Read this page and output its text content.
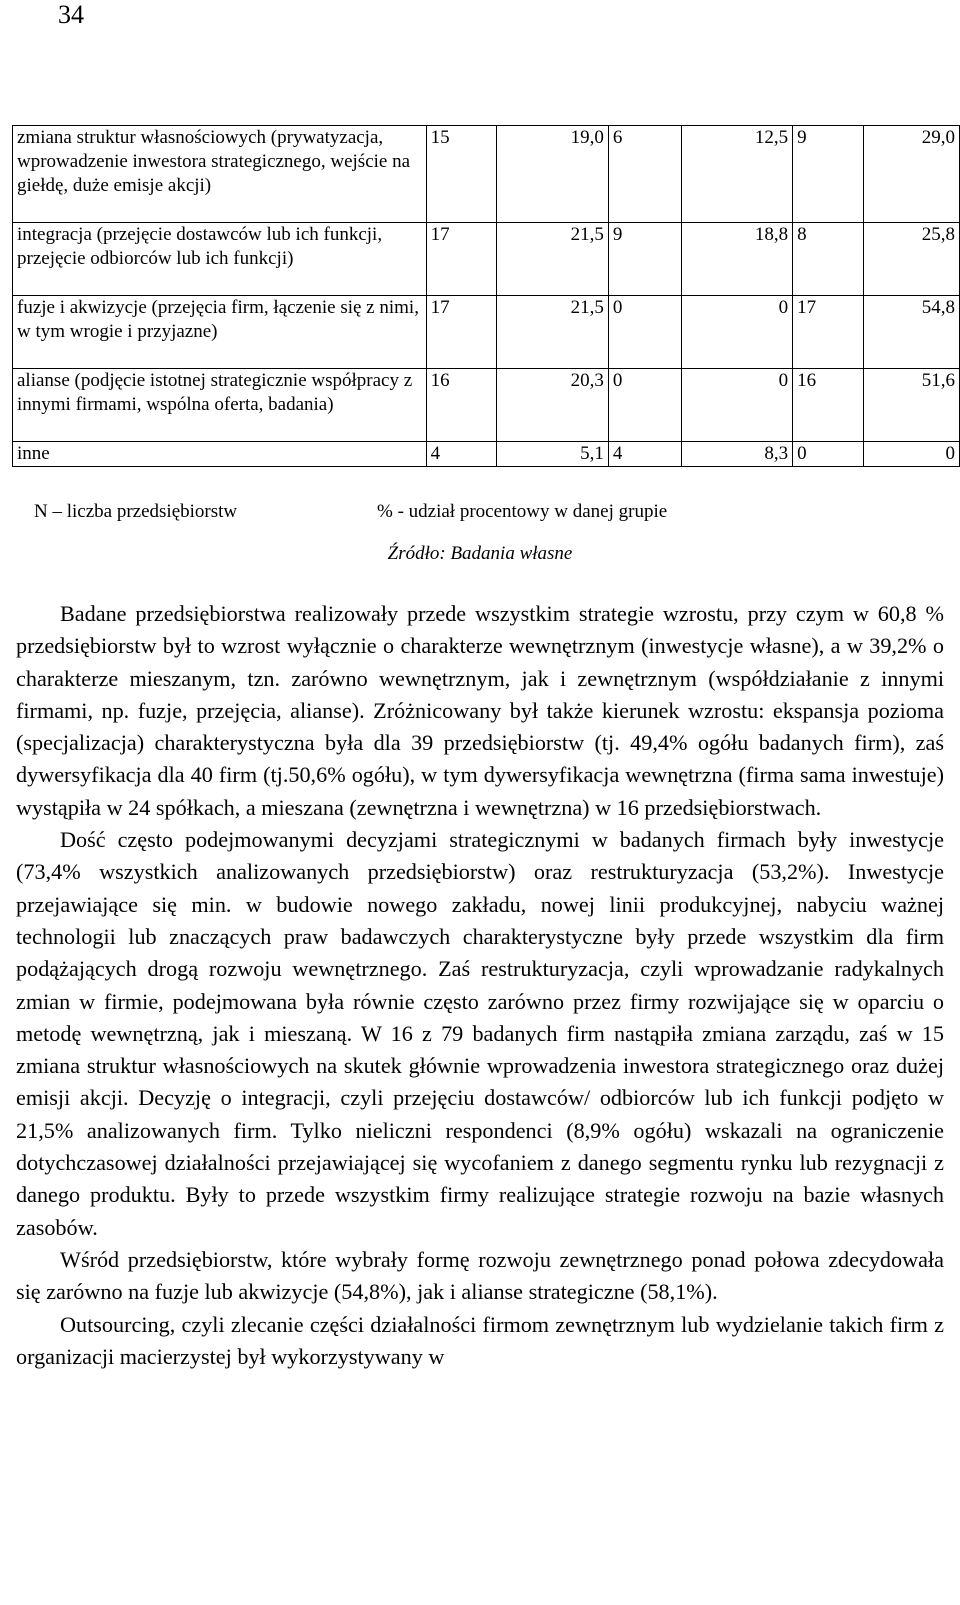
34
zmiana struktur własnościowych (prywatyzacja, wprowadzenie inwestora strategicznego, wejście na giełdę, duże emisje akcji)	15	19,0	6	12,5	9	29,0
integracja (przejęcie dostawców lub ich funkcji, przejęcie odbiorców lub ich funkcji)	17	21,5	9	18,8	8	25,8
fuzje i akwizycje (przejęcia firm, łączenie się z nimi, w tym wrogie i przyjazne)	17	21,5	0	0	17	54,8
alianse (podjęcie istotnej strategicznie współpracy z innymi firmami, wspólna oferta, badania)	16	20,3	0	0	16	51,6
inne	4	5,1	4	8,3	0	0
N – liczba przedsiębiorstw	% - udział procentowy w danej grupie
Źródło: Badania własne

Badane przedsiębiorstwa realizowały przede wszystkim strategie wzrostu, przy czym w 60,8 % przedsiębiorstw był to wzrost wyłącznie o charakterze wewnętrznym (inwestycje własne), a w 39,2% o charakterze mieszanym, tzn. zarówno wewnętrznym, jak i zewnętrznym (współdziałanie z innymi firmami, np. fuzje, przejęcia, alianse). Zróżnicowany był także kierunek wzrostu: ekspansja pozioma (specjalizacja) charakterystyczna była dla 39 przedsiębiorstw (tj. 49,4% ogółu badanych firm), zaś dywersyfikacja dla 40 firm (tj.50,6% ogółu), w tym dywersyfikacja wewnętrzna (firma sama inwestuje) wystąpiła w 24 spółkach, a mieszana (zewnętrzna i wewnętrzna) w 16 przedsiębiorstwach.

Dość często podejmowanymi decyzjami strategicznymi w badanych firmach były inwestycje (73,4% wszystkich analizowanych przedsiębiorstw) oraz restrukturyzacja (53,2%). Inwestycje przejawiające się min. w budowie nowego zakładu, nowej linii produkcyjnej, nabyciu ważnej technologii lub znaczących praw badawczych charakterystyczne były przede wszystkim dla firm podążających drogą rozwoju wewnętrznego. Zaś restrukturyzacja, czyli wprowadzanie radykalnych zmian w firmie, podejmowana była równie często zarówno przez firmy rozwijające się w oparciu o metodę wewnętrzną, jak i mieszaną. W 16 z 79 badanych firm nastąpiła zmiana zarządu, zaś w 15 zmiana struktur własnościowych na skutek głównie wprowadzenia inwestora strategicznego oraz dużej emisji akcji. Decyzję o integracji, czyli przejęciu dostawców/ odbiorców lub ich funkcji podjęto w 21,5% analizowanych firm. Tylko nieliczni respondenci (8,9% ogółu) wskazali na ograniczenie dotychczasowej działalności przejawiającej się wycofaniem z danego segmentu rynku lub rezygnacji z danego produktu. Były to przede wszystkim firmy realizujące strategie rozwoju na bazie własnych zasobów.

Wśród przedsiębiorstw, które wybrały formę rozwoju zewnętrznego ponad połowa zdecydowała się zarówno na fuzje lub akwizycje (54,8%), jak i alianse strategiczne (58,1%).

Outsourcing, czyli zlecanie części działalności firmom zewnętrznym lub wydzielanie takich firm z organizacji macierzystej był wykorzystywany w
